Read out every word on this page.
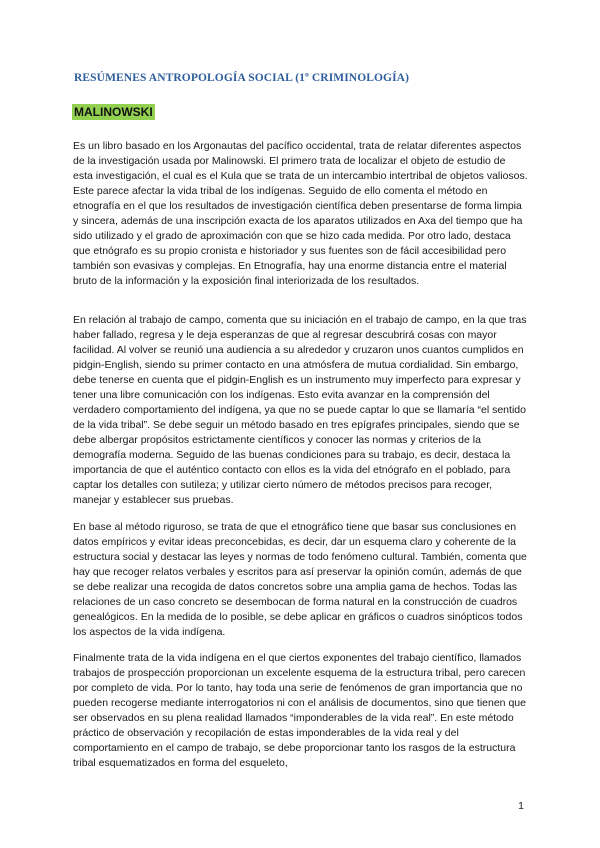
RESÚMENES ANTROPOLOGÍA SOCIAL (1º CRIMINOLOGÍA)
MALINOWSKI

Es un libro basado en los Argonautas del pacífico occidental, trata de relatar diferentes aspectos de la investigación usada por Malinowski. El primero trata de localizar el objeto de estudio de esta investigación, el cual es el Kula que se trata de un intercambio intertribal de objetos valiosos. Este parece afectar la vida tribal de los indígenas. Seguido de ello comenta el método en etnografía en el que los resultados de investigación científica deben presentarse de forma limpia y sincera, además de una inscripción exacta de los aparatos utilizados en Axa del tiempo que ha sido utilizado y el grado de aproximación con que se hizo cada medida. Por otro lado, destaca que etnógrafo es su propio cronista e historiador y sus fuentes son de fácil accesibilidad pero también son evasivas y complejas. En Etnografía, hay una enorme distancia entre el material bruto de la información y la exposición final interiorizada de los resultados.

En relación al trabajo de campo, comenta que su iniciación en el trabajo de campo, en la que tras haber fallado, regresa y le deja esperanzas de que al regresar descubrirá cosas con mayor facilidad. Al volver se reunió una audiencia a su alrededor y cruzaron unos cuantos cumplidos en pidgin-English, siendo su primer contacto en una atmósfera de mutua cordialidad. Sin embargo, debe tenerse en cuenta que el pidgin-English es un instrumento muy imperfecto para expresar y tener una libre comunicación con los indígenas. Esto evita avanzar en la comprensión del verdadero comportamiento del indígena, ya que no se puede captar lo que se llamaría “el sentido de la vida tribal”. Se debe seguir un método basado en tres epígrafes principales, siendo que se debe albergar propósitos estrictamente científicos y conocer las normas y criterios de la demografía moderna. Seguido de las buenas condiciones para su trabajo, es decir, destaca la importancia de que el auténtico contacto con ellos es la vida del etnógrafo en el poblado, para captar los detalles con sutileza; y utilizar cierto número de métodos precisos para recoger, manejar y establecer sus pruebas.

En base al método riguroso, se trata de que el etnográfico tiene que basar sus conclusiones en datos empíricos y evitar ideas preconcebidas, es decir, dar un esquema claro y coherente de la estructura social y destacar las leyes y normas de todo fenómeno cultural. También, comenta que hay que recoger relatos verbales y escritos para así preservar la opinión común, además de que se debe realizar una recogida de datos concretos sobre una amplia gama de hechos. Todas las relaciones de un caso concreto se desembocan de forma natural en la construcción de cuadros genealógicos. En la medida de lo posible, se debe aplicar en gráficos o cuadros sinópticos todos los aspectos de la vida indígena.

Finalmente trata de la vida indígena en el que ciertos exponentes del trabajo científico, llamados trabajos de prospección proporcionan un excelente esquema de la estructura tribal, pero carecen por completo de vida. Por lo tanto, hay toda una serie de fenómenos de gran importancia que no pueden recogerse mediante interrogatorios ni con el análisis de documentos, sino que tienen que ser observados en su plena realidad llamados “imponderables de la vida real”. En este método práctico de observación y recopilación de estas imponderables de la vida real y del comportamiento en el campo de trabajo, se debe proporcionar tanto los rasgos de la estructura tribal esquematizados en forma del esqueleto,

1
